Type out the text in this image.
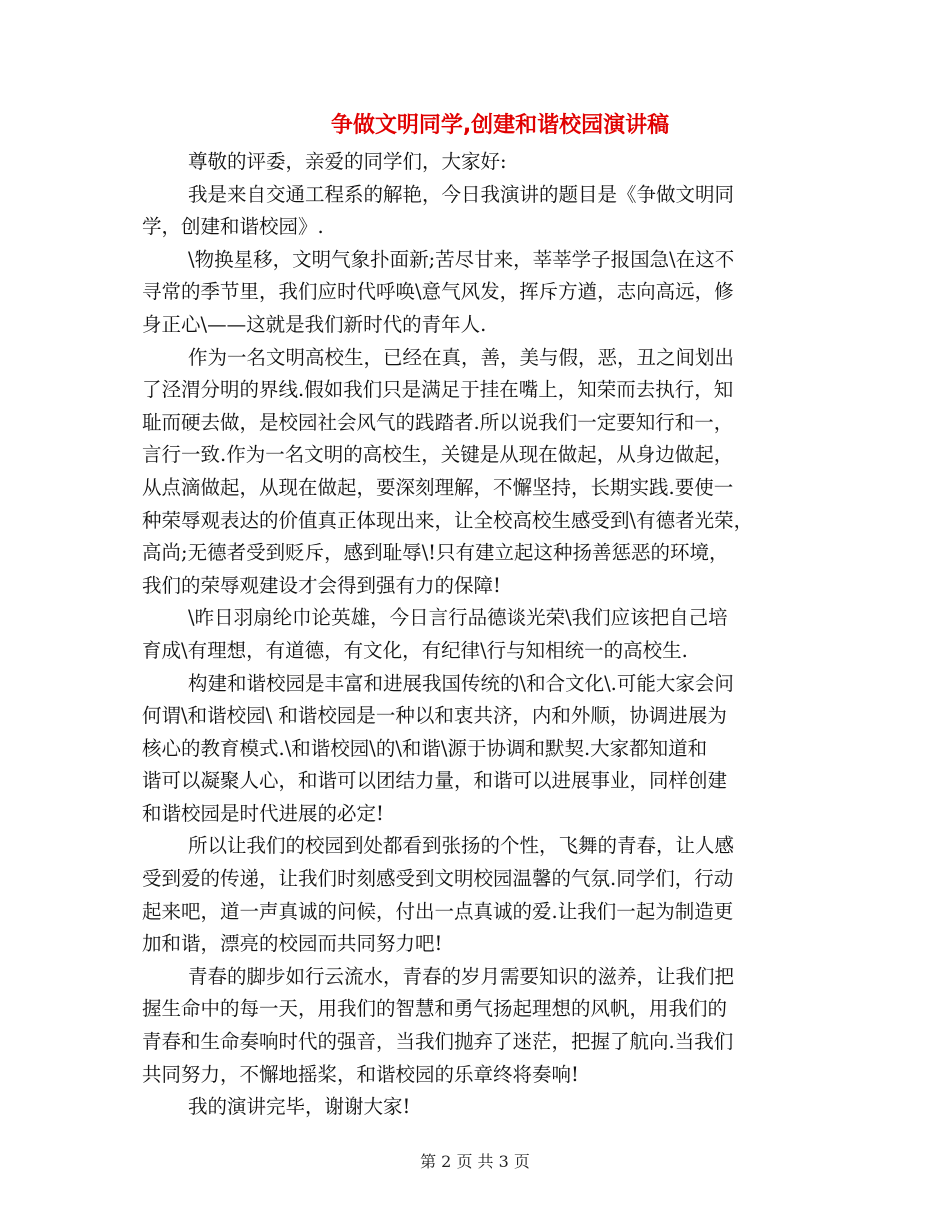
争做文明同学,创建和谐校园演讲稿
尊敬的评委，亲爱的同学们，大家好:
我是来自交通工程系的解艳，今日我演讲的题目是《争做文明同
学，创建和谐校园》.
\物换星移，文明气象扑面新;苦尽甘来，莘莘学子报国急\在这不
寻常的季节里，我们应时代呼唤\意气风发，挥斥方遒，志向高远，修
身正心\——这就是我们新时代的青年人.
作为一名文明高校生，已经在真，善，美与假，恶，丑之间划出
了泾渭分明的界线.假如我们只是满足于挂在嘴上，知荣而去执行，知
耻而硬去做，是校园社会风气的践踏者.所以说我们一定要知行和一，
言行一致.作为一名文明的高校生，关键是从现在做起，从身边做起，
从点滴做起，从现在做起，要深刻理解，不懈坚持，长期实践.要使一
种荣辱观表达的价值真正体现出来，让全校高校生感受到\有德者光荣，
高尚;无德者受到贬斥，感到耻辱\!只有建立起这种扬善惩恶的环境，
我们的荣辱观建设才会得到强有力的保障!
\昨日羽扇纶巾论英雄，今日言行品德谈光荣\我们应该把自己培
育成\有理想，有道德，有文化，有纪律\行与知相统一的高校生.
构建和谐校园是丰富和进展我国传统的\和合文化\.可能大家会问
何谓\和谐校园\ 和谐校园是一种以和衷共济，内和外顺，协调进展为
核心的教育模式.\和谐校园\的\和谐\源于协调和默契.大家都知道和
谐可以凝聚人心，和谐可以团结力量，和谐可以进展事业，同样创建
和谐校园是时代进展的必定!
所以让我们的校园到处都看到张扬的个性，飞舞的青春，让人感
受到爱的传递，让我们时刻感受到文明校园温馨的气氛.同学们，行动
起来吧，道一声真诚的问候，付出一点真诚的爱.让我们一起为制造更
加和谐，漂亮的校园而共同努力吧!
青春的脚步如行云流水，青春的岁月需要知识的滋养，让我们把
握生命中的每一天，用我们的智慧和勇气扬起理想的风帆，用我们的
青春和生命奏响时代的强音，当我们抛弃了迷茫，把握了航向.当我们
共同努力，不懈地摇桨，和谐校园的乐章终将奏响!
我的演讲完毕，谢谢大家!
第 2 页 共 3 页
